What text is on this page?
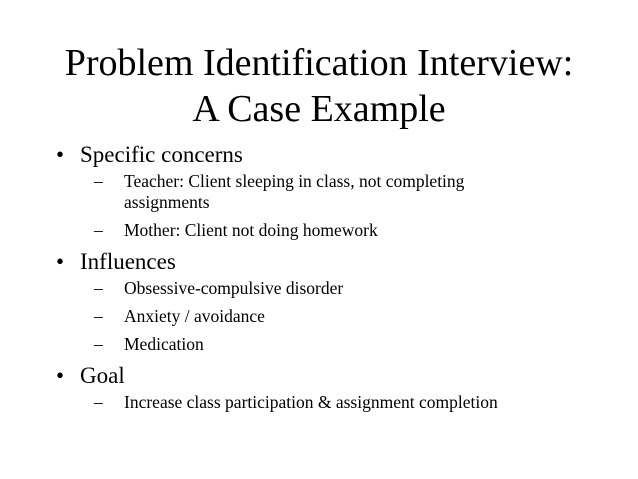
Problem Identification Interview:
A Case Example
• Specific concerns
– Teacher: Client sleeping in class, not completing assignments
– Mother: Client not doing homework
• Influences
– Obsessive-compulsive disorder
– Anxiety / avoidance
– Medication
• Goal
– Increase class participation & assignment completion
